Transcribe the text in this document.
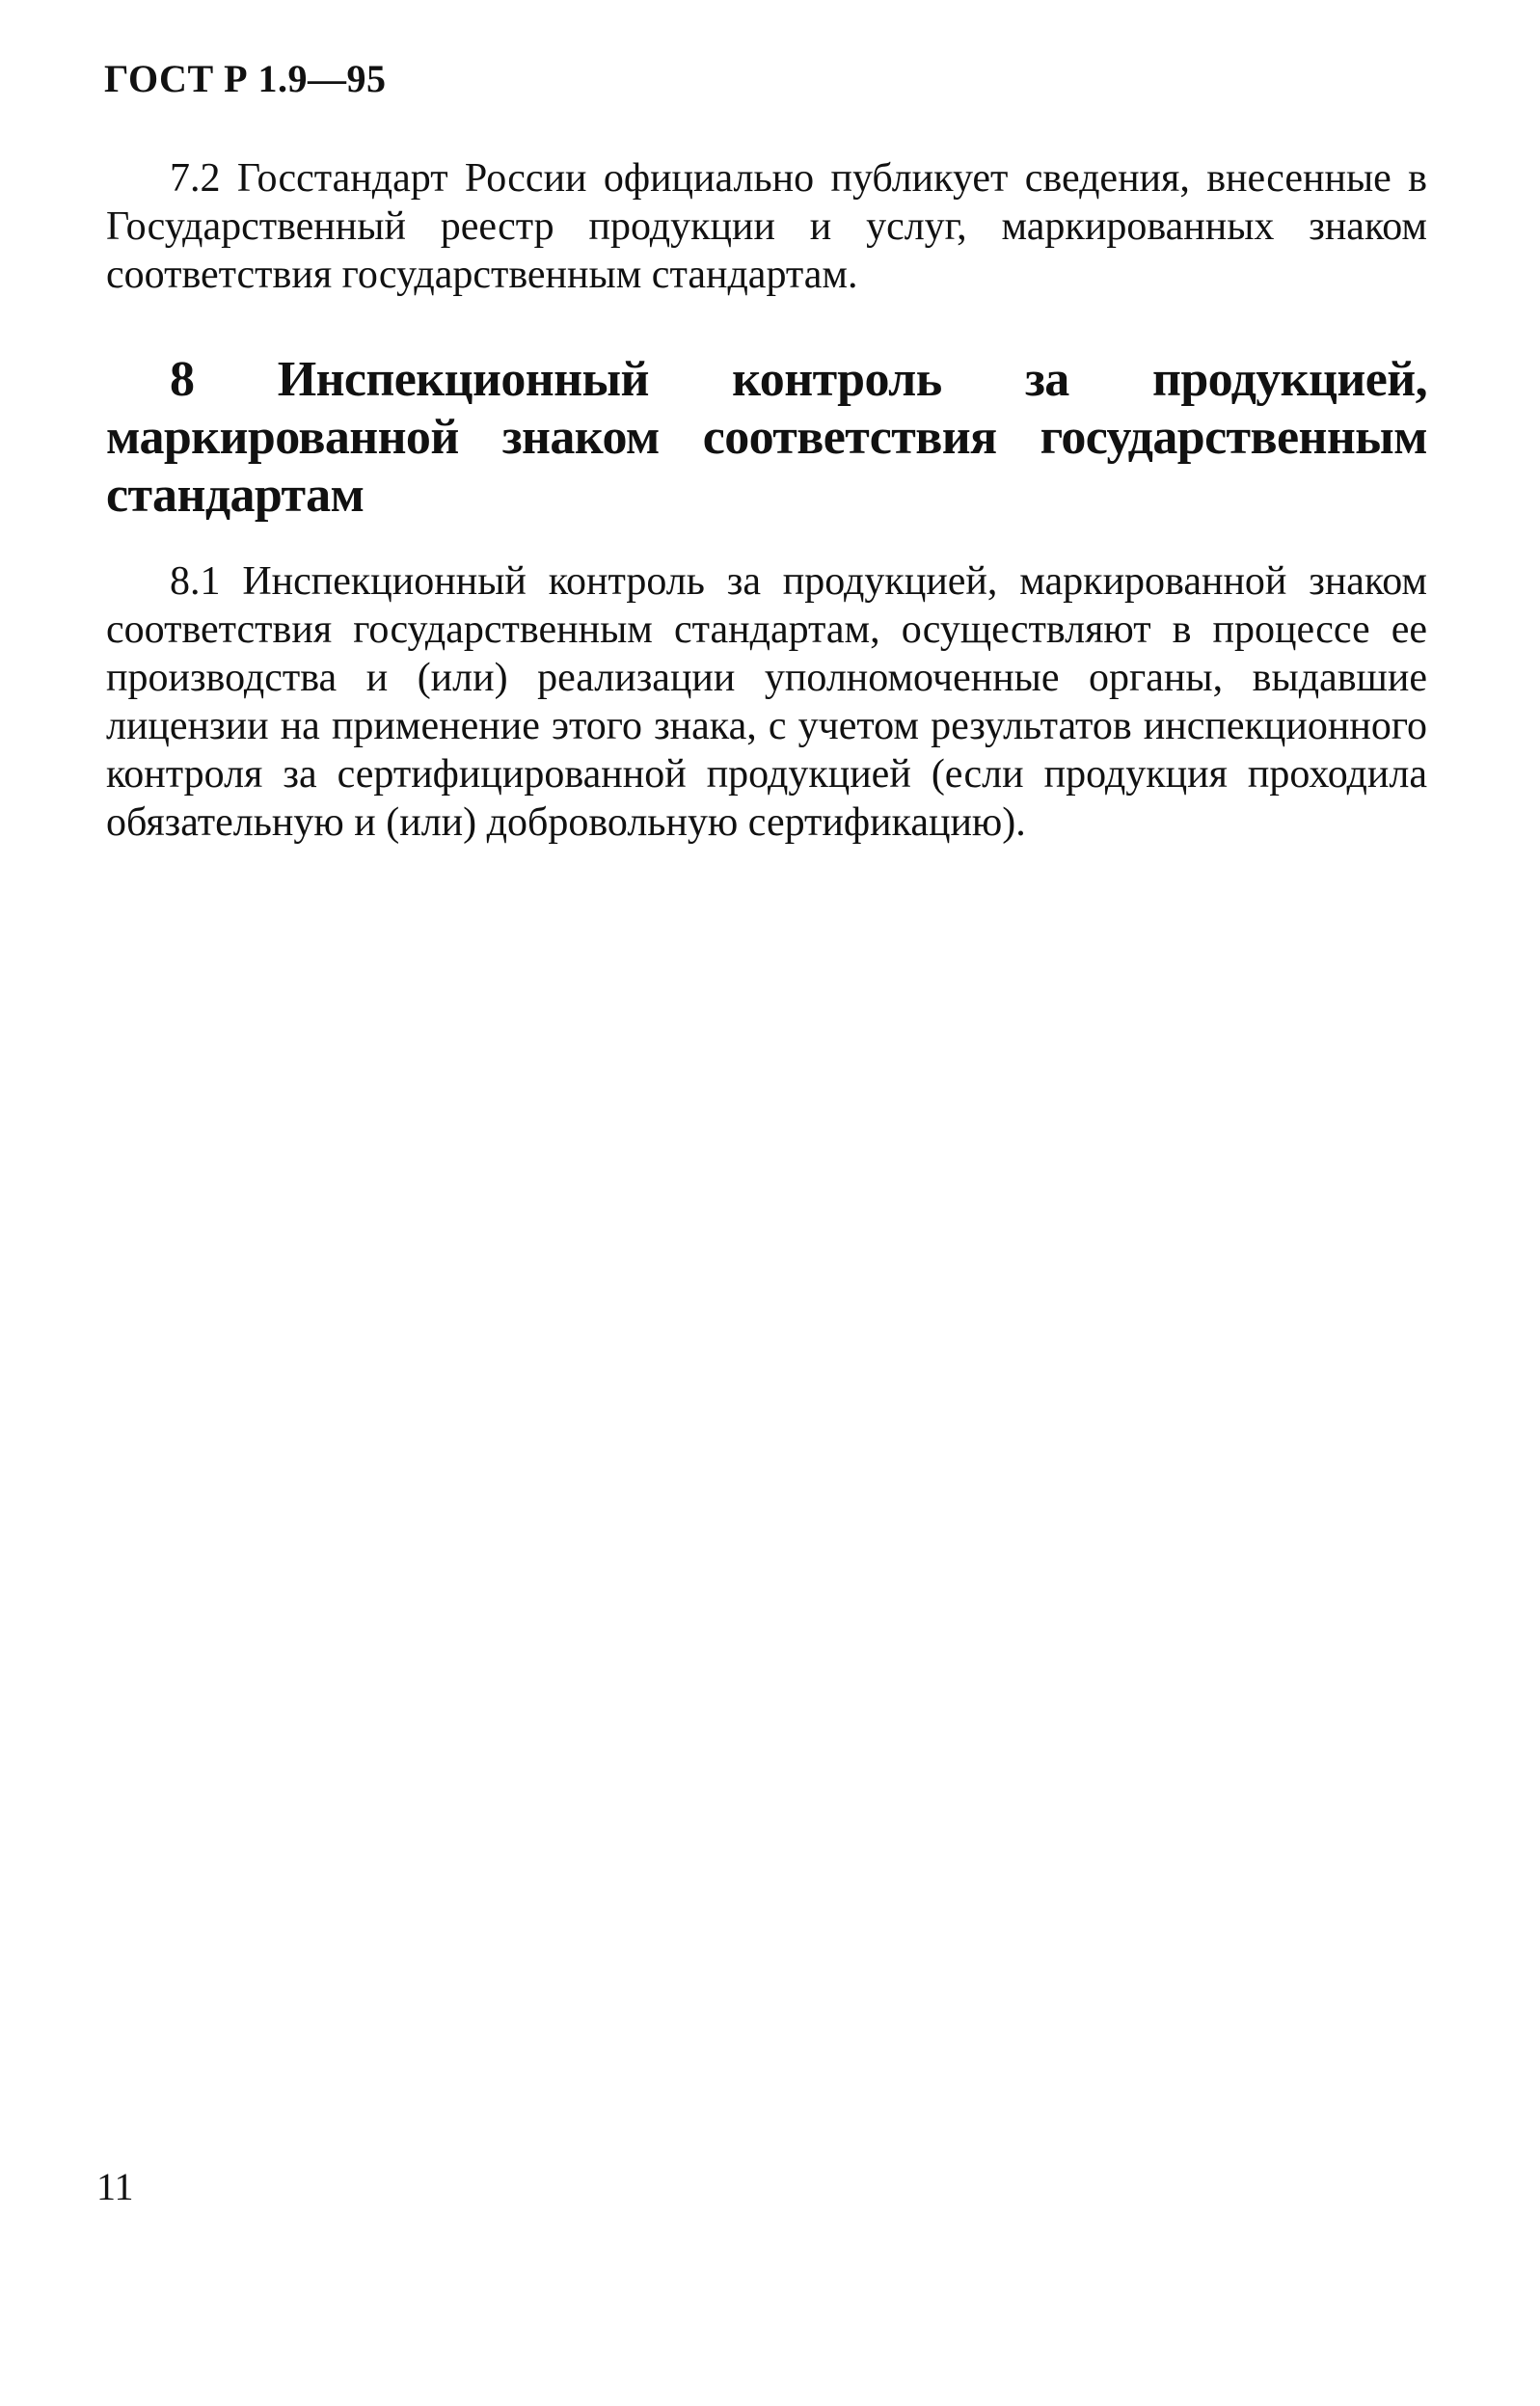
ГОСТ Р 1.9—95

7.2 Госстандарт России официально публикует сведения, внесенные в Государственный реестр продукции и услуг, маркированных знаком соответствия государственным стандартам.

8 Инспекционный контроль за продукцией, маркированной знаком соответствия государственным стандартам

8.1 Инспекционный контроль за продукцией, маркированной знаком соответствия государственным стандартам, осуществляют в процессе ее производства и (или) реализации уполномоченные органы, выдавшие лицензии на применение этого знака, с учетом результатов инспекционного контроля за сертифицированной продукцией (если продукция проходила обязательную и (или) добровольную сертификацию).

11
